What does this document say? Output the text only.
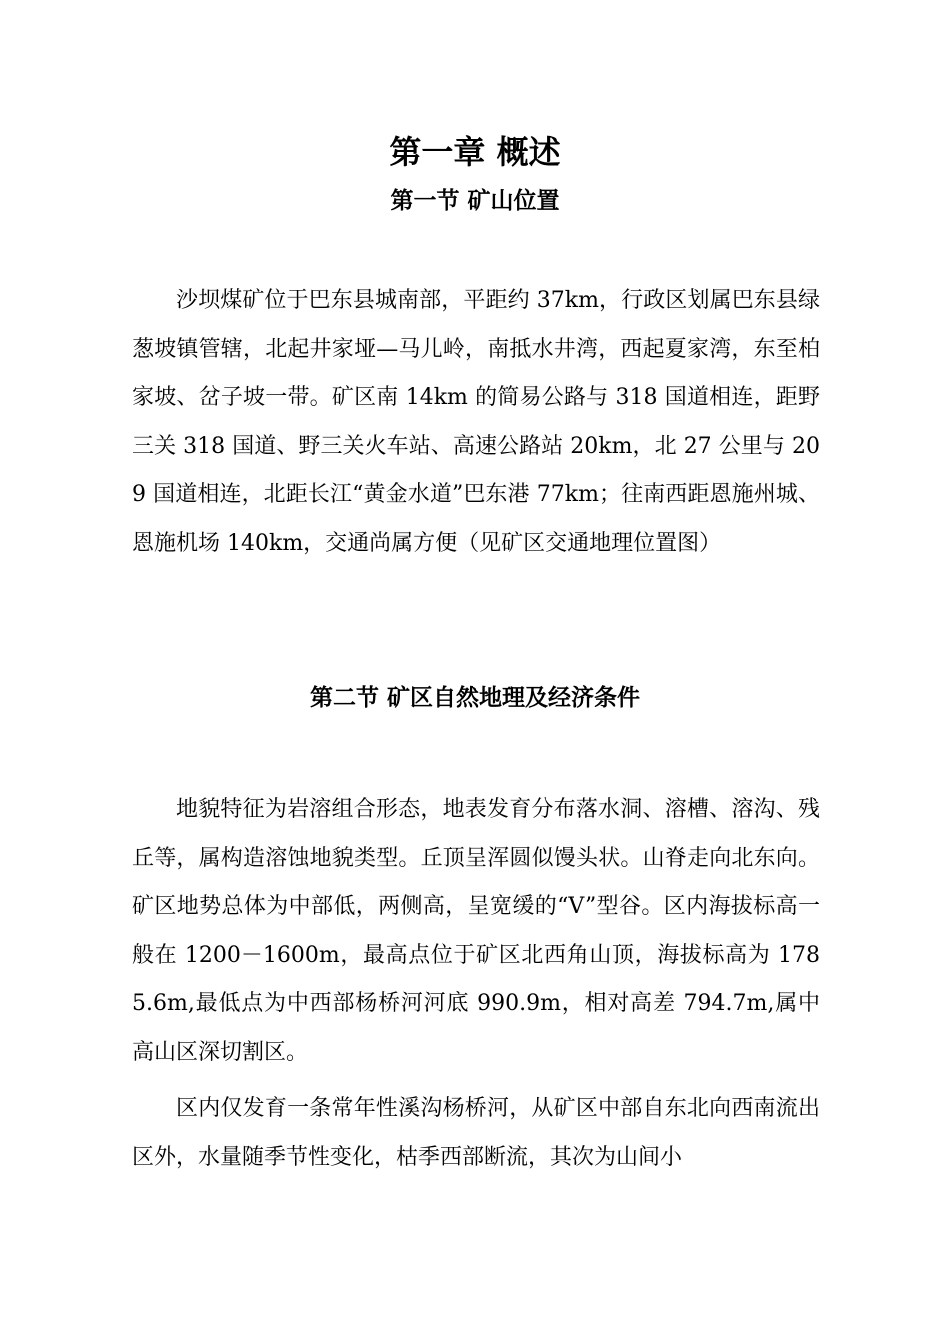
第一章 概述
第一节 矿山位置

沙坝煤矿位于巴东县城南部，平距约 37km，行政区划属巴东县绿葱坡镇管辖，北起井家垭—马儿岭，南抵水井湾，西起夏家湾，东至柏家坡、岔子坡一带。矿区南 14km 的简易公路与 318 国道相连，距野三关 318 国道、野三关火车站、高速公路站 20km，北 27 公里与 209 国道相连，北距长江“黄金水道”巴东港 77km；往南西距恩施州城、恩施机场 140km，交通尚属方便（见矿区交通地理位置图）

第二节 矿区自然地理及经济条件

地貌特征为岩溶组合形态，地表发育分布落水洞、溶槽、溶沟、残丘等，属构造溶蚀地貌类型。丘顶呈浑圆似馒头状。山脊走向北东向。矿区地势总体为中部低，两侧高，呈宽缓的“V”型谷。区内海拔标高一般在 1200－1600m，最高点位于矿区北西角山顶，海拔标高为 1785.6m,最低点为中西部杨桥河河底 990.9m，相对高差 794.7m,属中高山区深切割区。

区内仅发育一条常年性溪沟杨桥河，从矿区中部自东北向西南流出区外，水量随季节性变化，枯季西部断流，其次为山间小
